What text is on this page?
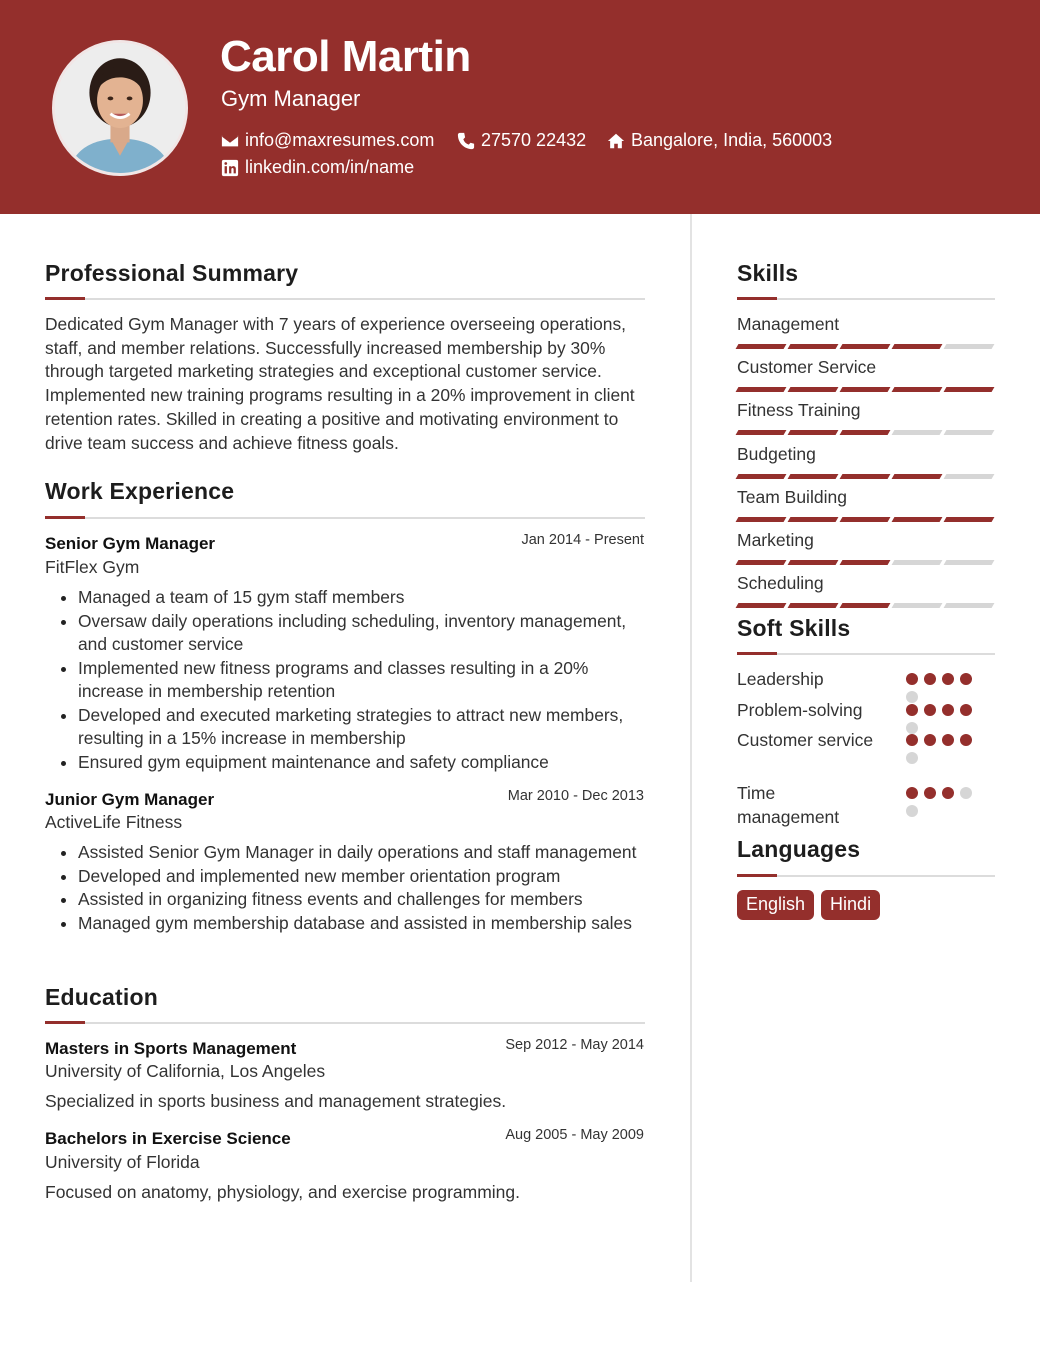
Carol Martin
Gym Manager
info@maxresumes.com	27570 22432 Bangalore, India, 560003
linkedin.com/in/name
Professional Summary
Dedicated Gym Manager with 7 years of experience overseeing operations, staff, and member relations. Successfully increased membership by 30% through targeted marketing strategies and exceptional customer service. Implemented new training programs resulting in a 20% improvement in client retention rates. Skilled in creating a positive and motivating environment to drive team success and achieve fitness goals.
Work Experience
Senior Gym Manager	Jan 2014 - Present
FitFlex Gym
Managed a team of 15 gym staff members
Oversaw daily operations including scheduling, inventory management, and customer service
Implemented new fitness programs and classes resulting in a 20% increase in membership retention
Developed and executed marketing strategies to attract new members, resulting in a 15% increase in membership
Ensured gym equipment maintenance and safety compliance
Junior Gym Manager	Mar 2010 - Dec 2013
ActiveLife Fitness
Assisted Senior Gym Manager in daily operations and staff management
Developed and implemented new member orientation program
Assisted in organizing fitness events and challenges for members
Managed gym membership database and assisted in membership sales
Education
Masters in Sports Management	Sep 2012 - May 2014
University of California, Los Angeles
Specialized in sports business and management strategies.
Bachelors in Exercise Science	Aug 2005 - May 2009
University of Florida
Focused on anatomy, physiology, and exercise programming.
Skills
Management
Customer Service
Fitness Training
Budgeting
Team Building
Marketing
Scheduling
Soft Skills
Leadership
Problem-solving
Customer service
Time management
Languages
English	Hindi
